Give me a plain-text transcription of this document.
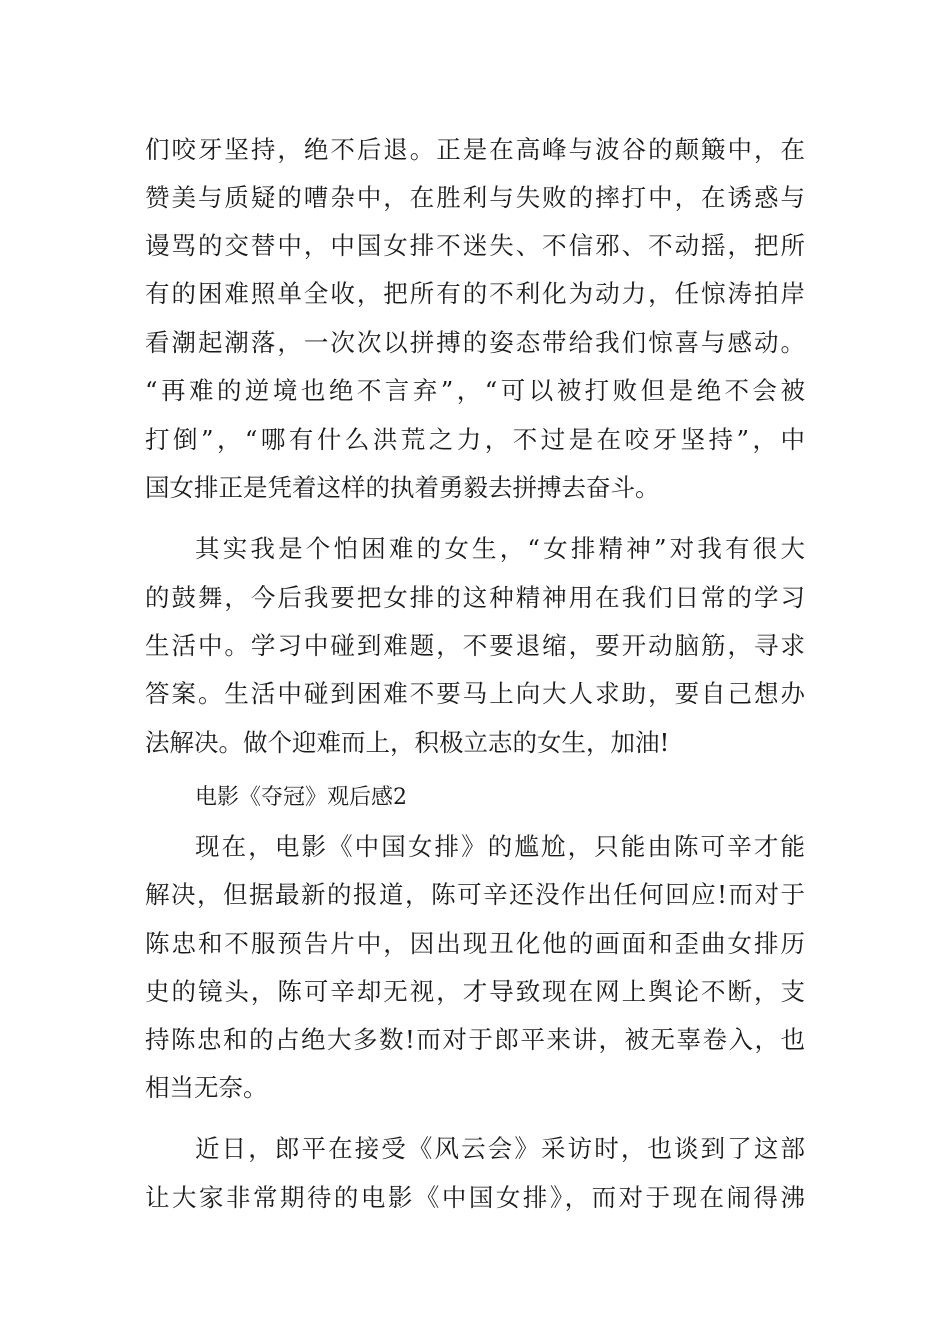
们咬牙坚持，绝不后退。正是在高峰与波谷的颠簸中，在
赞美与质疑的嘈杂中，在胜利与失败的摔打中，在诱惑与
谩骂的交替中，中国女排不迷失、不信邪、不动摇，把所
有的困难照单全收，把所有的不利化为动力，任惊涛拍岸
看潮起潮落，一次次以拼搏的姿态带给我们惊喜与感动。
“再难的逆境也绝不言弃”，“可以被打败但是绝不会被
打倒”，“哪有什么洪荒之力，不过是在咬牙坚持”，中
国女排正是凭着这样的执着勇毅去拼搏去奋斗。
其实我是个怕困难的女生，“女排精神”对我有很大
的鼓舞，今后我要把女排的这种精神用在我们日常的学习
生活中。学习中碰到难题，不要退缩，要开动脑筋，寻求
答案。生活中碰到困难不要马上向大人求助，要自己想办
法解决。做个迎难而上，积极立志的女生，加油!
电影《夺冠》观后感2
现在，电影《中国女排》的尴尬，只能由陈可辛才能
解决，但据最新的报道，陈可辛还没作出任何回应!而对于
陈忠和不服预告片中，因出现丑化他的画面和歪曲女排历
史的镜头，陈可辛却无视，才导致现在网上舆论不断，支
持陈忠和的占绝大多数!而对于郎平来讲，被无辜卷入，也
相当无奈。
近日，郎平在接受《风云会》采访时，也谈到了这部
让大家非常期待的电影《中国女排》，而对于现在闹得沸
